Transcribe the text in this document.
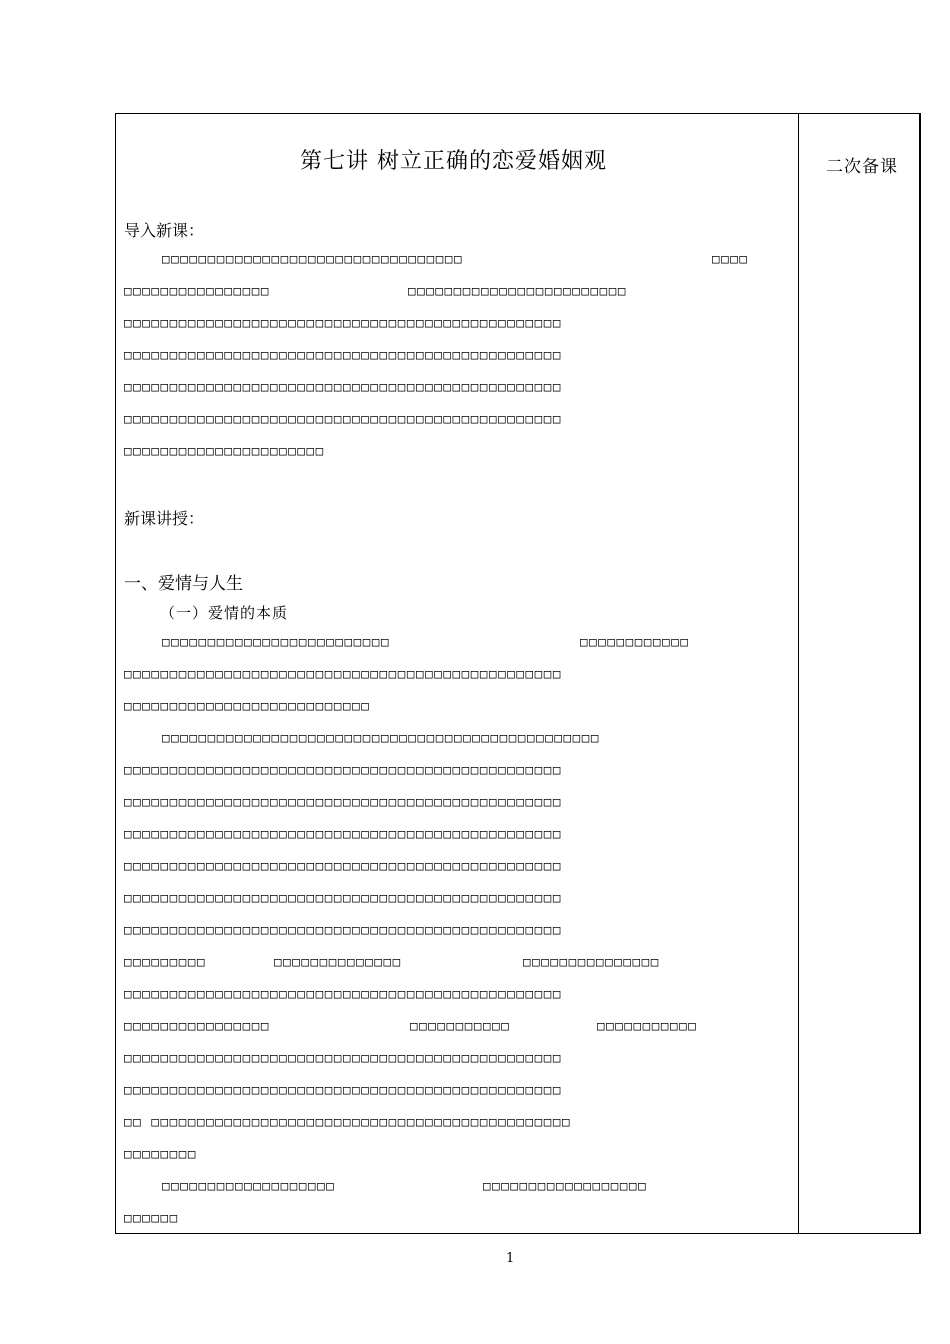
二次备课
第七讲 树立正确的恋爱婚姻观
导入新课：
□□□□□□□□□□□□□□□□□□□□□□□□□□□□□□□□□	□□□□
□□□□□□□□□□□□□□□□	□□□□□□□□□□□□□□□□□□□□□□□□
□□□□□□□□□□□□□□□□□□□□□□□□□□□□□□□□□□□□□□□□□□□□□□□□
□□□□□□□□□□□□□□□□□□□□□□□□□□□□□□□□□□□□□□□□□□□□□□□□
□□□□□□□□□□□□□□□□□□□□□□□□□□□□□□□□□□□□□□□□□□□□□□□□
□□□□□□□□□□□□□□□□□□□□□□□□□□□□□□□□□□□□□□□□□□□□□□□□
□□□□□□□□□□□□□□□□□□□□□□
新课讲授：
一、爱情与人生
（一）爱情的本质
□□□□□□□□□□□□□□□□□□□□□□□□□	□□□□□□□□□□□□
□□□□□□□□□□□□□□□□□□□□□□□□□□□□□□□□□□□□□□□□□□□□□□□□
□□□□□□□□□□□□□□□□□□□□□□□□□□□
□□□□□□□□□□□□□□□□□□□□□□□□□□□□□□□□□□□□□□□□□□□□□□□□
□□□□□□□□□□□□□□□□□□□□□□□□□□□□□□□□□□□□□□□□□□□□□□□□
□□□□□□□□□□□□□□□□□□□□□□□□□□□□□□□□□□□□□□□□□□□□□□□□
□□□□□□□□□□□□□□□□□□□□□□□□□□□□□□□□□□□□□□□□□□□□□□□□
□□□□□□□□□□□□□□□□□□□□□□□□□□□□□□□□□□□□□□□□□□□□□□□□
□□□□□□□□□□□□□□□□□□□□□□□□□□□□□□□□□□□□□□□□□□□□□□□□
□□□□□□□□□□□□□□□□□□□□□□□□□□□□□□□□□□□□□□□□□□□□□□□□
□□□□□□□□□	□□□□□□□□□□□□□□	□□□□□□□□□□□□□□□
□□□□□□□□□□□□□□□□□□□□□□□□□□□□□□□□□□□□□□□□□□□□□□□□
□□□□□□□□□□□□□□□□	□□□□□□□□□□□	□□□□□□□□□□□
□□□□□□□□□□□□□□□□□□□□□□□□□□□□□□□□□□□□□□□□□□□□□□□□
□□□□□□□□□□□□□□□□□□□□□□□□□□□□□□□□□□□□□□□□□□□□□□□□
□□ □□□□□□□□□□□□□□□□□□□□□□□□□□□□□□□□□□□□□□□□□□□□□□
□□□□□□□□
□□□□□□□□□□□□□□□□□□□	□□□□□□□□□□□□□□□□□□
□□□□□□
1
